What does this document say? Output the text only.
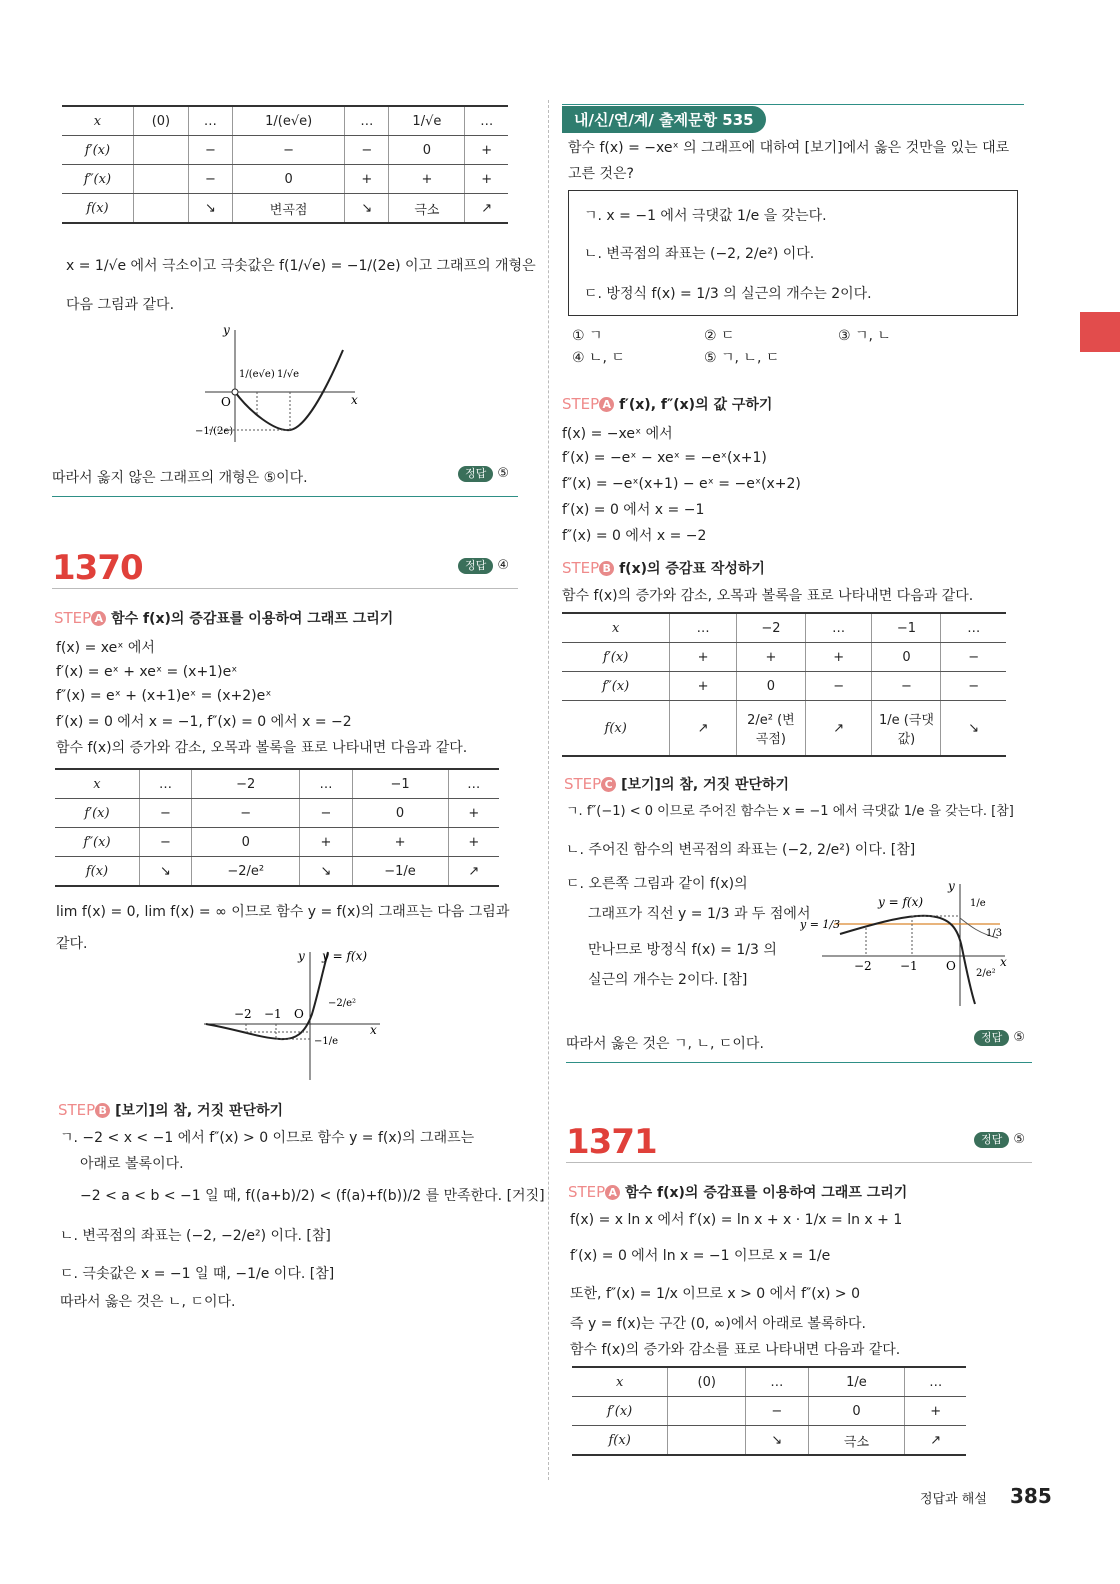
x	(0)	…	1/(e√e)	…	1/√e	…
f′(x)		−	−	−	0	+
f″(x)		−	0	+	+	+
f(x)		↘	변곡점	↘	극소	↗
x = 1/√e 에서 극소이고 극솟값은 f(1/√e) = −1/(2e) 이고 그래프의 개형은
다음 그림과 같다.
y
1/(e√e) 1/√e
O	x
−1/(2e)
따라서 옳지 않은 그래프의 개형은 ⑤이다.	정답 ⑤
1370	정답 ④
STEP A 함수 f(x)의 증감표를 이용하여 그래프 그리기
f(x) = xeˣ 에서
f′(x) = eˣ + xeˣ = (x+1)eˣ
f″(x) = eˣ + (x+1)eˣ = (x+2)eˣ
f′(x) = 0 에서 x = −1, f″(x) = 0 에서 x = −2
함수 f(x)의 증가와 감소, 오목과 볼록을 표로 나타내면 다음과 같다.
x	…	−2	…	−1	…
f′(x)	−	−	−	0	+
f″(x)	−	0	+	+	+
f(x)	↘	−2/e²	↘	−1/e	↗
lim f(x) = 0, lim f(x) = ∞ 이므로 함수 y = f(x)의 그래프는 다음 그림과
같다.
y y = f(x)
−2 −1 O
x
−2/e²
−1/e
STEP B [보기]의 참, 거짓 판단하기
ㄱ. −2 < x < −1 에서 f″(x) > 0 이므로 함수 y = f(x)의 그래프는
아래로 볼록이다.
−2 < a < b < −1 일 때, f((a+b)/2) < (f(a)+f(b))/2 를 만족한다. [거짓]
ㄴ. 변곡점의 좌표는 (−2, −2/e²) 이다. [참]
ㄷ. 극솟값은 x = −1 일 때, −1/e 이다. [참]
따라서 옳은 것은 ㄴ, ㄷ이다.
내/신/연/계/ 출제문항 535
함수 f(x) = −xeˣ 의 그래프에 대하여 [보기]에서 옳은 것만을 있는 대로
고른 것은?
ㄱ. x = −1 에서 극댓값 1/e 을 갖는다.
ㄴ. 변곡점의 좌표는 (−2, 2/e²) 이다.
ㄷ. 방정식 f(x) = 1/3 의 실근의 개수는 2이다.
① ㄱ	② ㄷ	③ ㄱ, ㄴ
④ ㄴ, ㄷ	⑤ ㄱ, ㄴ, ㄷ
STEP A f′(x), f″(x)의 값 구하기
f(x) = −xeˣ 에서
f′(x) = −eˣ − xeˣ = −eˣ(x+1)
f″(x) = −eˣ(x+1) − eˣ = −eˣ(x+2)
f′(x) = 0 에서 x = −1
f″(x) = 0 에서 x = −2
STEP B f(x)의 증감표 작성하기
함수 f(x)의 증가와 감소, 오목과 볼록을 표로 나타내면 다음과 같다.
x	…	−2	…	−1	…
f′(x)	+	+	+	0	−
f″(x)	+	0	−	−	−
f(x)	↗	2/e² (변곡점)	↗	1/e (극댓값)	↘
STEP C [보기]의 참, 거짓 판단하기
ㄱ. f″(−1) < 0 이므로 주어진 함수는 x = −1 에서 극댓값 1/e 을 갖는다. [참]
ㄴ. 주어진 함수의 변곡점의 좌표는 (−2, 2/e²) 이다. [참]
ㄷ. 오른쪽 그림과 같이 f(x)의
그래프가 직선 y = 1/3 과 두 점에서
만나므로 방정식 f(x) = 1/3 의
실근의 개수는 2이다. [참]
y
y = f(x)	1/e
1/3
y = 1/3
−2 −1 O	x
2/e²
따라서 옳은 것은 ㄱ, ㄴ, ㄷ이다.	정답 ⑤
1371	정답 ⑤
STEP A 함수 f(x)의 증감표를 이용하여 그래프 그리기
f(x) = x ln x 에서 f′(x) = ln x + x · 1/x = ln x + 1
f′(x) = 0 에서 ln x = −1 이므로 x = 1/e
또한, f″(x) = 1/x 이므로 x > 0 에서 f″(x) > 0
즉 y = f(x)는 구간 (0, ∞)에서 아래로 볼록하다.
함수 f(x)의 증가와 감소를 표로 나타내면 다음과 같다.
x	(0)	…	1/e	…
f′(x)		−	0	+
f(x)		↘	극소	↗
정답과 해설 385
